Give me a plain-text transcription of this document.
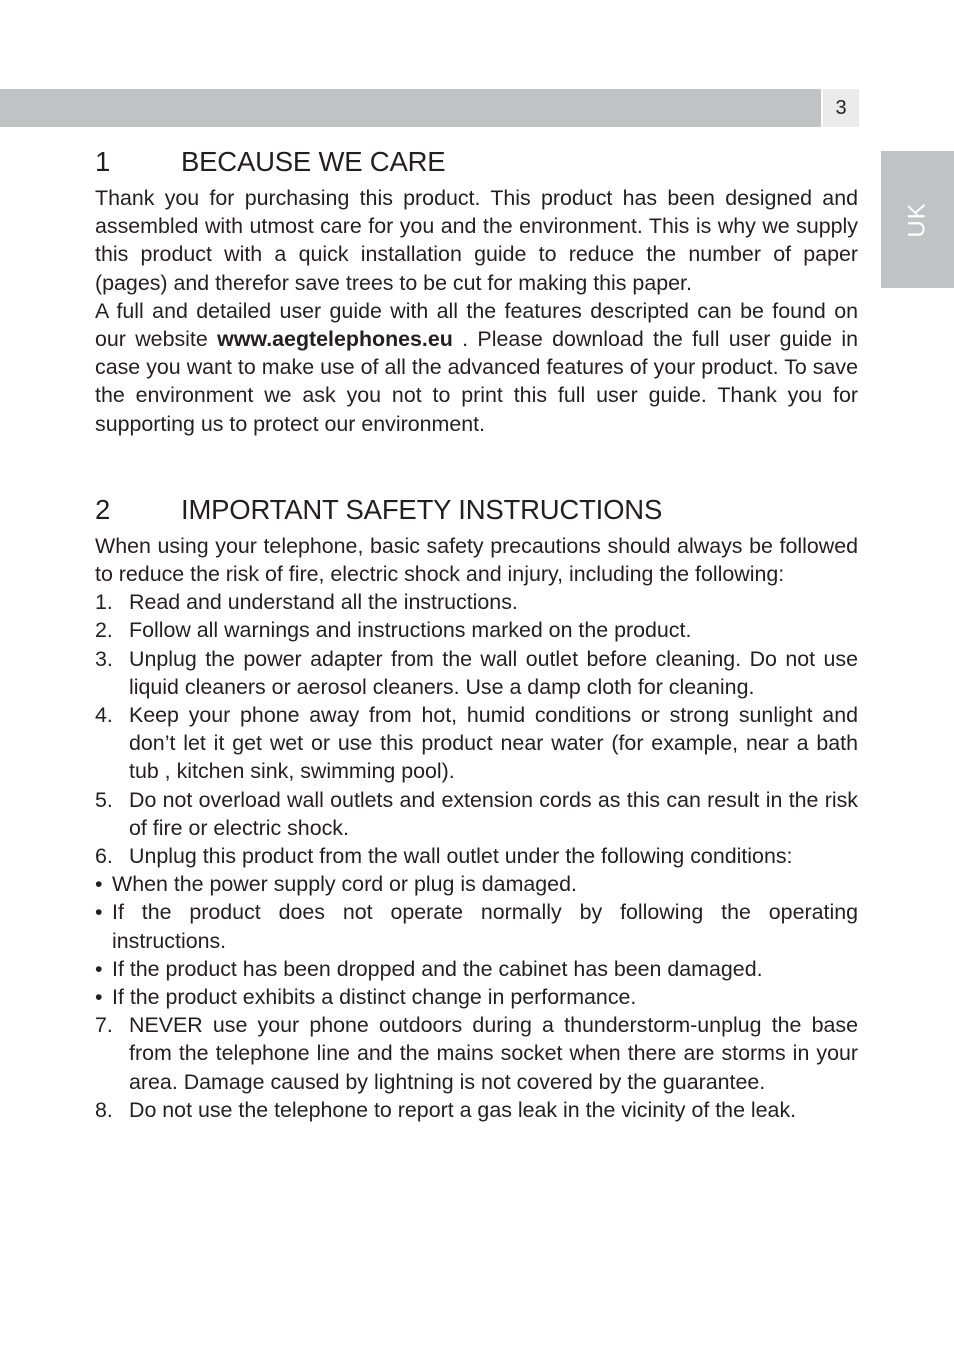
3
UK
1	BECAUSE WE CARE

Thank you for purchasing this product. This product has been designed and assembled with utmost care for you and the environment. This is why we supply this product with a quick installation guide to reduce the number of paper (pages) and therefor save trees to be cut for making this paper.

A full and detailed user guide with all the features descripted can be found on our website www.aegtelephones.eu . Please download the full user guide in case you want to make use of all the advanced features of your product. To save the environment we ask you not to print this full user guide. Thank you for supporting us to protect our environment.

2	IMPORTANT SAFETY INSTRUCTIONS

When using your telephone, basic safety precautions should always be followed to reduce the risk of fire, electric shock and injury, including the following:

1. Read and understand all the instructions.
2. Follow all warnings and instructions marked on the product.
3. Unplug the power adapter from the wall outlet before cleaning. Do not use liquid cleaners or aerosol cleaners. Use a damp cloth for cleaning.
4. Keep your phone away from hot, humid conditions or strong sunlight and don’t let it get wet or use this product near water (for example, near a bath tub , kitchen sink, swimming pool).
5. Do not overload wall outlets and extension cords as this can result in the risk of fire or electric shock.
6. Unplug this product from the wall outlet under the following conditions:
• When the power supply cord or plug is damaged.
• If the product does not operate normally by following the operating instructions.
• If the product has been dropped and the cabinet has been damaged.
• If the product exhibits a distinct change in performance.
7. NEVER use your phone outdoors during a thunderstorm-unplug the base from the telephone line and the mains socket when there are storms in your area. Damage caused by lightning is not covered by the guarantee.
8. Do not use the telephone to report a gas leak in the vicinity of the leak.
